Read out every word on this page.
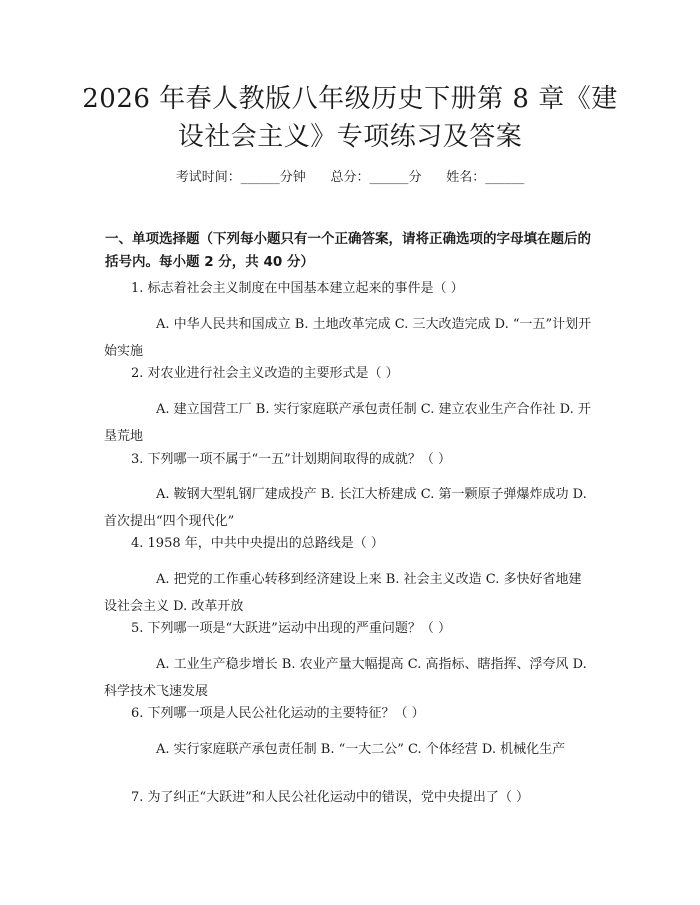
2026 年春人教版八年级历史下册第 8 章《建设社会主义》专项练习及答案
考试时间：______分钟      总分：______分      姓名：______
一、单项选择题（下列每小题只有一个正确答案，请将正确选项的字母填在题后的括号内。每小题 2 分，共 40 分）
1. 标志着社会主义制度在中国基本建立起来的事件是（ ）
A. 中华人民共和国成立 B. 土地改革完成 C. 三大改造完成 D. “一五”计划开始实施
2. 对农业进行社会主义改造的主要形式是（ ）
A. 建立国营工厂 B. 实行家庭联产承包责任制 C. 建立农业生产合作社 D. 开垦荒地
3. 下列哪一项不属于“一五”计划期间取得的成就？（ ）
A. 鞍钢大型轧钢厂建成投产 B. 长江大桥建成 C. 第一颗原子弹爆炸成功 D. 首次提出“四个现代化”
4. 1958 年，中共中央提出的总路线是（ ）
A. 把党的工作重心转移到经济建设上来 B. 社会主义改造 C. 多快好省地建设社会主义 D. 改革开放
5. 下列哪一项是“大跃进”运动中出现的严重问题？（ ）
A. 工业生产稳步增长 B. 农业产量大幅提高 C. 高指标、瞎指挥、浮夸风 D. 科学技术飞速发展
6. 下列哪一项是人民公社化运动的主要特征？（ ）
A. 实行家庭联产承包责任制 B. “一大二公” C. 个体经营 D. 机械化生产
7. 为了纠正“大跃进”和人民公社化运动中的错误，党中央提出了（ ）
